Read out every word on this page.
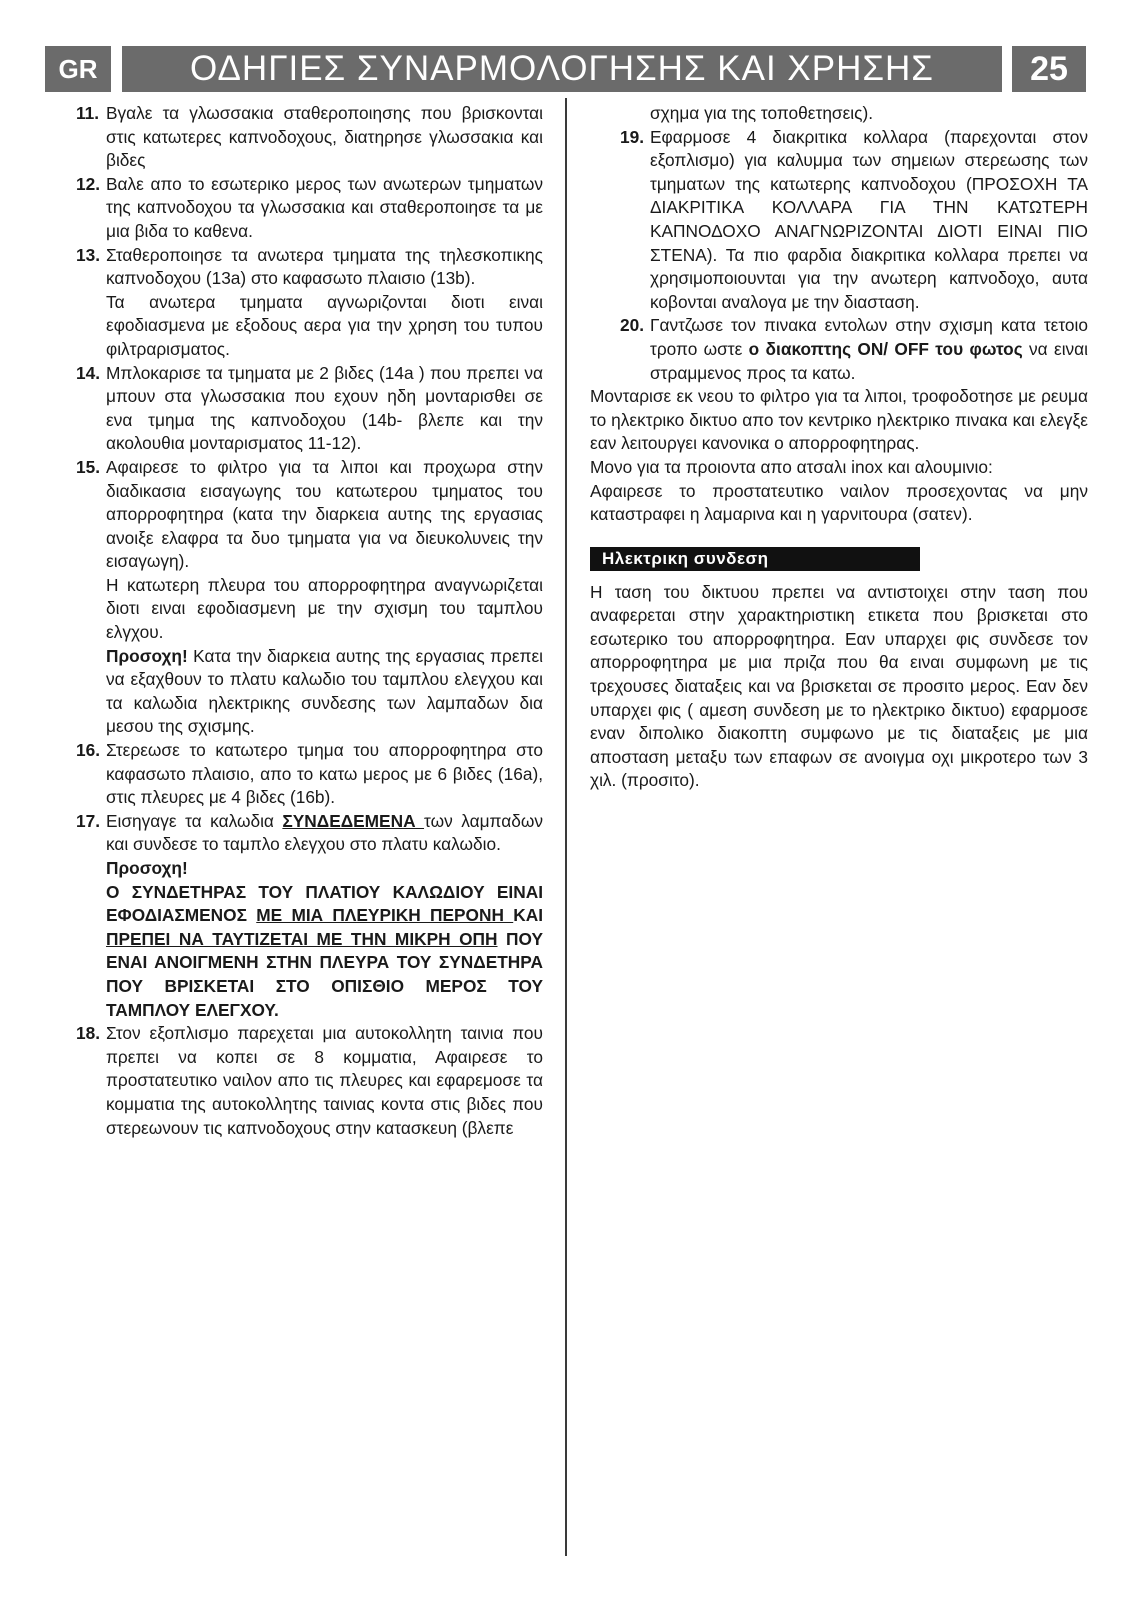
GR	ΟΔΗΓΙΕΣ ΣΥΝΑΡΜΟΛΟΓΗΣΗΣ ΚΑΙ ΧΡΗΣΗΣ	25
11. Βγαλε τα γλωσσακια σταθεροποιησης που βρισκονται στις κατωτερες καπνοδοχους, διατηρησε γλωσσακια και βιδες
12. Βαλε απο το εσωτερικο μερος των ανωτερων τμηματων της καπνοδοχου τα γλωσσακια και σταθεροποιησε τα με μια βιδα το καθενα.
13. Σταθεροποιησε τα ανωτερα τμηματα της τηλεσκοπικης καπνοδοχου (13a) στο καφασωτο πλαισιο (13b).
Τα ανωτερα τμηματα αγνωριζονται διοτι ειναι εφοδιασμενα με εξοδους αερα για την χρηση του τυπου φιλτραρισματος.
14. Μπλοκαρισε τα τμηματα με 2 βιδες (14a ) που πρεπει να μπουν στα γλωσσακια που εχουν ηδη μονταρισθει σε ενα τμημα της καπνοδοχου (14b- βλεπε και την ακολουθια μονταρισματος 11-12).
15. Αφαιρεσε το φιλτρο για τα λιποι και προχωρα στην διαδικασια εισαγωγης του κατωτερου τμηματος του απορροφητηρα (κατα την διαρκεια αυτης της εργασιας ανοιξε ελαφρα τα δυο τμηματα για να διευκολυνεις την εισαγωγη).
Η κατωτερη πλευρα του απορροφητηρα αναγνωριζεται διοτι ειναι εφοδιασμενη με την σχισμη του ταμπλου ελγχου.
Προσοχη! Κατα την διαρκεια αυτης της εργασιας πρεπει να εξαχθουν το πλατυ καλωδιο του ταμπλου ελεγχου και τα καλωδια ηλεκτρικης συνδεσης των λαμπαδων δια μεσου της σχισμης.
16. Στερεωσε το κατωτερο τμημα του απορροφητηρα στο καφασωτο πλαισιο, απο το κατω μερος με 6 βιδες (16a), στις πλευρες με 4 βιδες (16b).
17. Εισηγαγε τα καλωδια ΣΥΝΔΕΔΕΜΕΝΑ των λαμπαδων και συνδεσε το ταμπλο ελεγχου στο πλατυ καλωδιο.
Προσοχη!
Ο ΣΥΝΔΕΤΗΡΑΣ ΤΟΥ ΠΛΑΤΙΟΥ ΚΑΛΩΔΙΟΥ ΕΙΝΑΙ ΕΦΟΔΙΑΣΜΕΝΟΣ ΜΕ ΜΙΑ ΠΛΕΥΡΙΚΗ ΠΕΡΟΝΗ ΚΑΙ ΠΡΕΠΕΙ ΝΑ ΤΑΥΤΙΖΕΤΑΙ ΜΕ ΤΗΝ ΜΙΚΡΗ ΟΠΗ ΠΟΥ ΕΝΑΙ ΑΝΟΙΓΜΕΝΗ ΣΤΗΝ ΠΛΕΥΡΑ ΤΟΥ ΣΥΝΔΕΤΗΡΑ ΠΟΥ ΒΡΙΣΚΕΤΑΙ ΣΤΟ ΟΠΙΣΘΙΟ ΜΕΡΟΣ ΤΟΥ ΤΑΜΠΛΟΥ ΕΛΕΓΧΟΥ.
18. Στον εξοπλισμο παρεχεται μια αυτοκολλητη ταινια που πρεπει να κοπει σε 8 κομματια, Αφαιρεσε το προστατευτικο ναιλον απο τις πλευρες και εφαρεμοσε τα κομματια της αυτοκολλητης ταινιας κοντα στις βιδες που στερεωνουν τις καπνοδοχους στην κατασκευη (βλεπε
σχημα για της τοποθετησεις).
19. Εφαρμοσε 4 διακριτικα κολλαρα (παρεχονται στον εξοπλισμο) για καλυμμα των σημειων στερεωσης των τμηματων της κατωτερης καπνοδοχου (ΠΡΟΣΟΧΗ ΤΑ ΔΙΑΚΡΙΤΙΚΑ ΚΟΛΛΑΡΑ ΓΙΑ ΤΗΝ ΚΑΤΩΤΕΡΗ ΚΑΠΝΟΔΟΧΟ ΑΝΑΓΝΩΡΙΖΟΝΤΑΙ ΔΙΟΤΙ ΕΙΝΑΙ ΠΙΟ ΣΤΕΝΑ). Τα πιο φαρδια διακριτικα κολλαρα πρεπει να χρησιμοποιουνται για την ανωτερη καπνοδοχο, αυτα κοβονται αναλογα με την διασταση.
20. Γαντζωσε τον πινακα εντολων στην σχισμη κατα τετοιο τροπο ωστε ο διακοπτης ON/ OFF του φωτος να ειναι στραμμενος προς τα κατω.

Μονταρισε εκ νεου το φιλτρο για τα λιποι, τροφοδοτησε με ρευμα το ηλεκτρικο δικτυο απο τον κεντρικο ηλεκτρικο πινακα και ελεγξε εαν λειτουργει κανονικα ο απορροφητηρας.

Μονο για τα προιοντα απο ατσαλι inox και αλουμινιο:

Αφαιρεσε το προστατευτικο ναιλον προσεχοντας να μην καταστραφει η λαμαρινα και η γαρνιτουρα (σατεν).

Ηλεκτρικη συνδεση

Η ταση του δικτυου πρεπει να αντιστοιχει στην ταση που αναφερεται στην χαρακτηριστικη ετικετα που βρισκεται στο εσωτερικο του απορροφητηρα. Εαν υπαρχει φις συνδεσε τον απορροφητηρα με μια πριζα που θα ειναι συμφωνη με τις τρεχουσες διαταξεις και να βρισκεται σε προσιτο μερος. Εαν δεν υπαρχει φις ( αμεση συνδεση με το ηλεκτρικο δικτυο) εφαρμοσε εναν διπολικο διακοπτη συμφωνο με τις διαταξεις με μια αποσταση μεταξυ των επαφων σε ανοιγμα οχι μικροτερο των 3 χιλ. (προσιτο).
